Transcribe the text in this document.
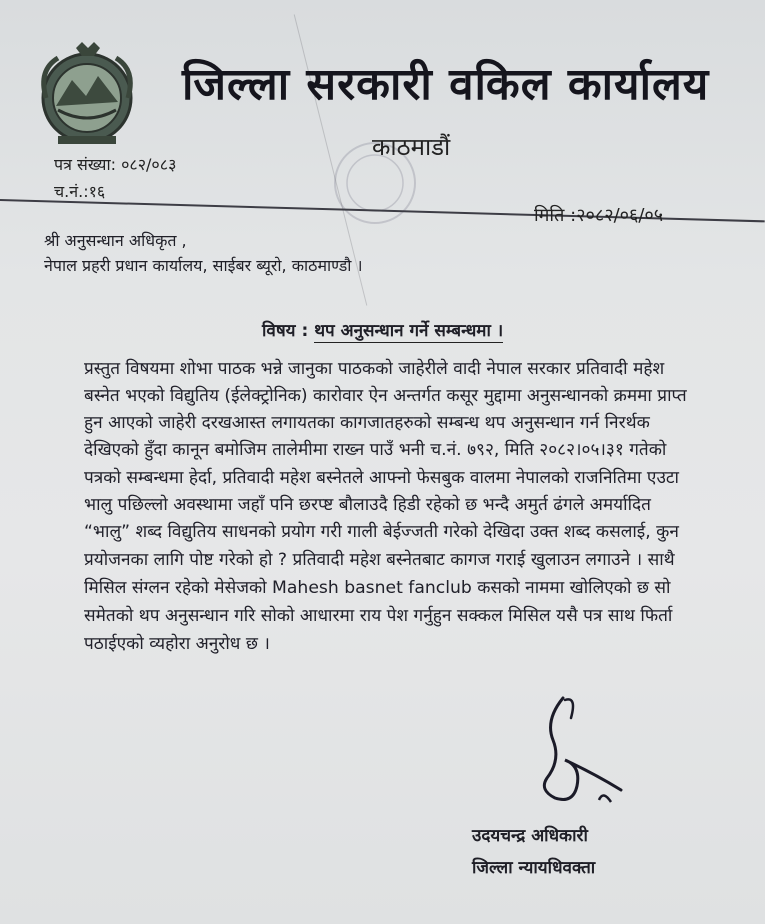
जिल्ला सरकारी वकिल कार्यालय
काठमाडौं
पत्र संख्या: ०८२/०८३
च.नं.:१६
मिति :२०८२/०६/०५
श्री अनुसन्धान अधिकृत ,
नेपाल प्रहरी प्रधान कार्यालय, साईबर ब्यूरो, काठमाण्डौ ।
विषय : थप अनुसन्धान गर्ने सम्बन्धमा ।
प्रस्तुत विषयमा शोभा पाठक भन्ने जानुका पाठकको जाहेरीले वादी नेपाल सरकार प्रतिवादी महेश
बस्नेत भएको विद्युतिय (ईलेक्ट्रोनिक) कारोवार ऐन अन्तर्गत कसूर मुद्दामा अनुसन्धानको क्रममा प्राप्त
हुन आएको जाहेरी दरखआस्त लगायतका कागजातहरुको सम्बन्ध थप अनुसन्धान गर्न निरर्थक
देखिएको हुँदा कानून बमोजिम तालेमीमा राख्न पाउँ भनी च.नं. ७९२, मिति २०८२।०५।३१ गतेको
पत्रको सम्बन्धमा हेर्दा, प्रतिवादी महेश बस्नेतले आफ्नो फेसबुक वालमा नेपालको राजनितिमा एउटा
भालु पछिल्लो अवस्थामा जहाँ पनि छरप्ष्ट बौलाउदै हिडी रहेको छ भन्दै अमुर्त ढंगले अमर्यादित
“भालु” शब्द विद्युतिय साधनको प्रयोग गरी गाली बेईज्जती गरेको देखिदा उक्त शब्द कसलाई, कुन
प्रयोजनका लागि पोष्ट गरेको हो ? प्रतिवादी महेश बस्नेतबाट कागज गराई खुलाउन लगाउने । साथै
मिसिल संग्लन रहेको मेसेजको Mahesh basnet fanclub कसको नाममा खोलिएको छ सो
समेतको थप अनुसन्धान गरि सोको आधारमा राय पेश गर्नुहुन सक्कल मिसिल यसै पत्र साथ फिर्ता
पठाईएको व्यहोरा अनुरोध छ ।
उदयचन्द्र अधिकारी
जिल्ला न्यायधिवक्ता
